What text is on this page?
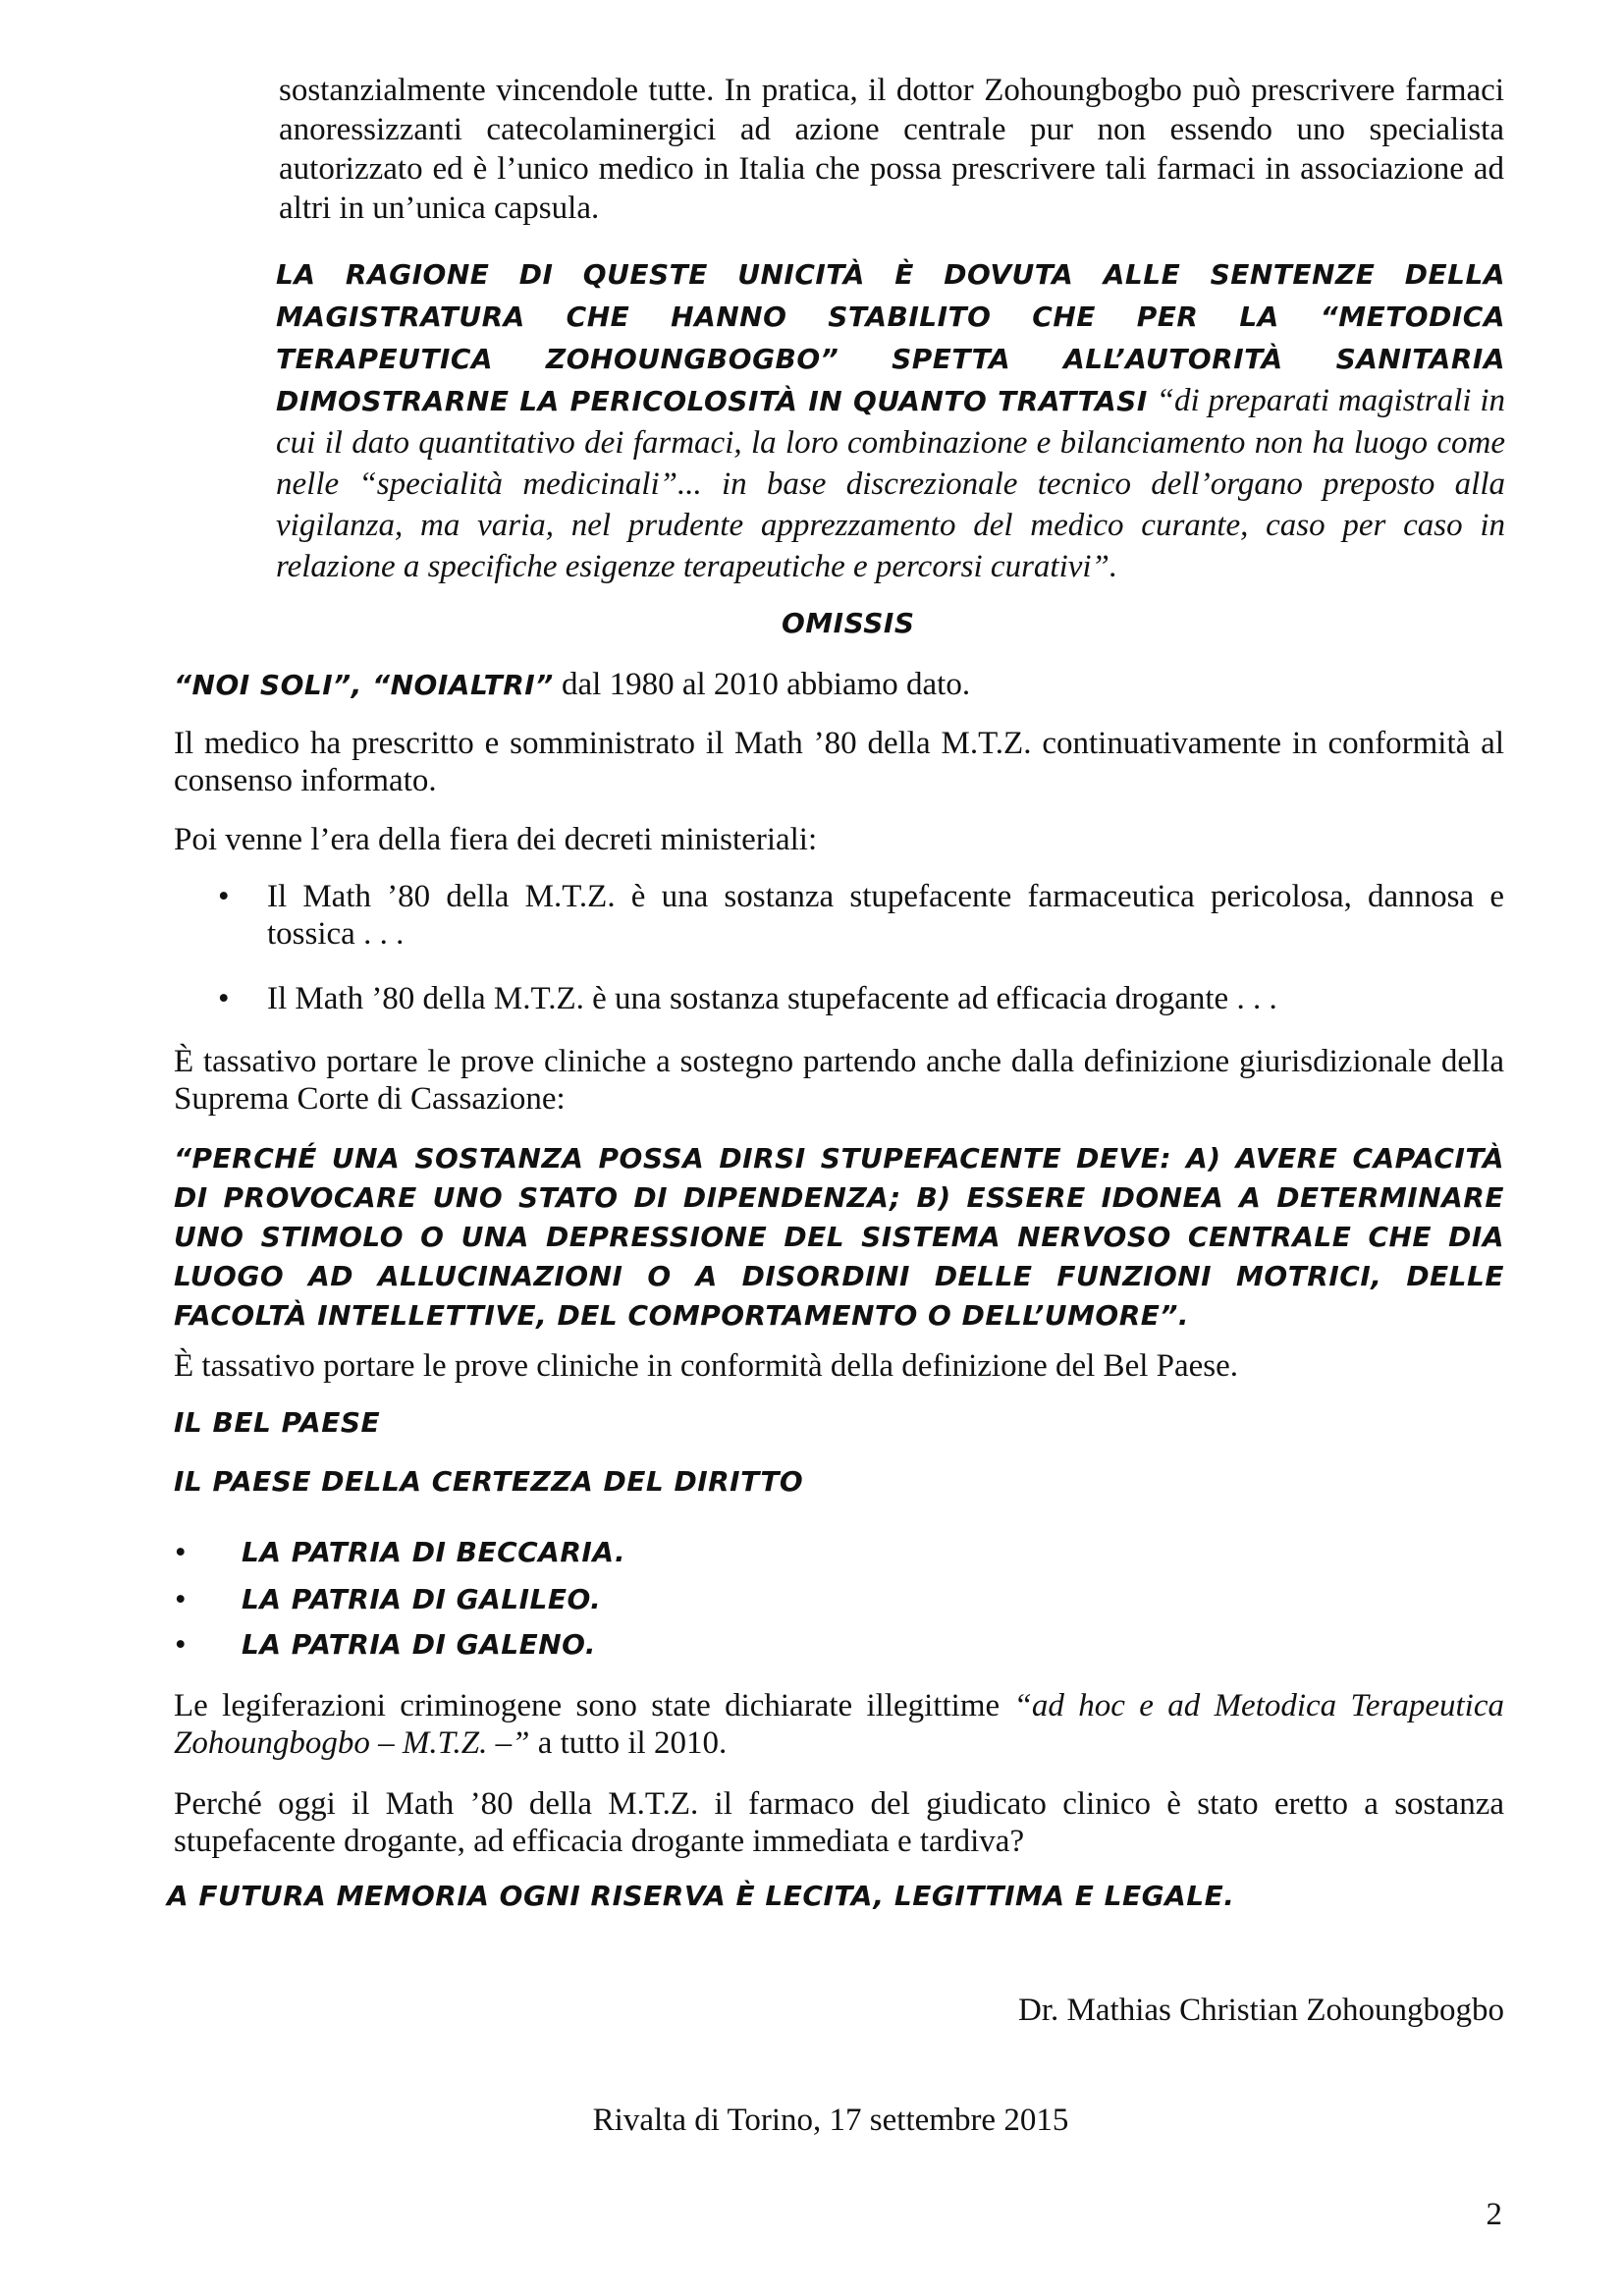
sostanzialmente vincendole tutte. In pratica, il dottor Zohoungbogbo può prescrivere farmaci anoressizzanti catecolaminergici ad azione centrale pur non essendo uno specialista autorizzato ed è l’unico medico in Italia che possa prescrivere tali farmaci in associazione ad altri in un’unica capsula.

LA RAGIONE DI QUESTE UNICITÀ È DOVUTA ALLE SENTENZE DELLA MAGISTRATURA CHE HANNO STABILITO CHE PER LA “METODICA TERAPEUTICA ZOHOUNGBOGBO” SPETTA ALL’AUTORITÀ SANITARIA DIMOSTRARNE LA PERICOLOSITÀ IN QUANTO TRATTASI “di preparati magistrali in cui il dato quantitativo dei farmaci, la loro combinazione e bilanciamento non ha luogo come nelle “specialità medicinali”... in base discrezionale tecnico dell’organo preposto alla vigilanza, ma varia, nel prudente apprezzamento del medico curante, caso per caso in relazione a specifiche esigenze terapeutiche e percorsi curativi”.

OMISSIS

“NOI SOLI”, “NOIALTRI” dal 1980 al 2010 abbiamo dato.

Il medico ha prescritto e somministrato il Math ’80 della M.T.Z. continuativamente in conformità al consenso informato.

Poi venne l’era della fiera dei decreti ministeriali:

• Il Math ’80 della M.T.Z. è una sostanza stupefacente farmaceutica pericolosa, dannosa e tossica . . .

• Il Math ’80 della M.T.Z. è una sostanza stupefacente ad efficacia drogante . . .

È tassativo portare le prove cliniche a sostegno partendo anche dalla definizione giurisdizionale della Suprema Corte di Cassazione:

“PERCHÉ UNA SOSTANZA POSSA DIRSI STUPEFACENTE DEVE: A) AVERE CAPACITÀ DI PROVOCARE UNO STATO DI DIPENDENZA; B) ESSERE IDONEA A DETERMINARE UNO STIMOLO O UNA DEPRESSIONE DEL SISTEMA NERVOSO CENTRALE CHE DIA LUOGO AD ALLUCINAZIONI O A DISORDINI DELLE FUNZIONI MOTRICI, DELLE FACOLTÀ INTELLETTIVE, DEL COMPORTAMENTO O DELL’UMORE”.

È tassativo portare le prove cliniche in conformità della definizione del Bel Paese.

IL BEL PAESE

IL PAESE DELLA CERTEZZA DEL DIRITTO

• LA PATRIA DI BECCARIA.

• LA PATRIA DI GALILEO.

• LA PATRIA DI GALENO.

Le legiferazioni criminogene sono state dichiarate illegittime “ad hoc e ad Metodica Terapeutica Zohoungbogbo – M.T.Z. –” a tutto il 2010.

Perché oggi il Math ’80 della M.T.Z. il farmaco del giudicato clinico è stato eretto a sostanza stupefacente drogante, ad efficacia drogante immediata e tardiva?

A FUTURA MEMORIA OGNI RISERVA È LECITA, LEGITTIMA E LEGALE.

Dr. Mathias Christian Zohoungbogbo

Rivalta di Torino, 17 settembre 2015

2
